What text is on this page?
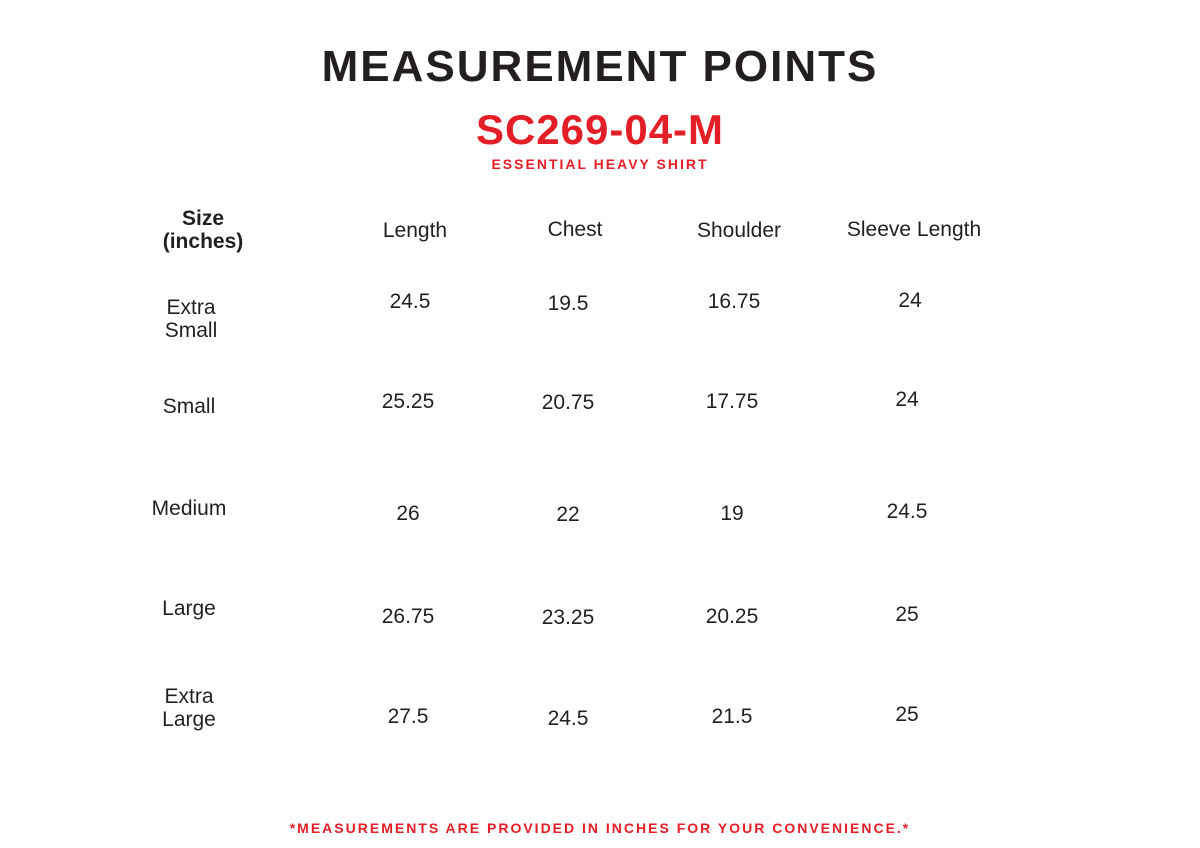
MEASUREMENT POINTS
SC269-04-M
ESSENTIAL HEAVY SHIRT
Size
(inches)	Length	Chest	Shoulder	Sleeve Length
Extra
Small
24.5	19.5	16.75	24
Small	25.25	20.75	17.75	24
Medium	26	22	19	24.5
Large	26.75	23.25	20.25	25
Extra
Large	27.5	24.5	21.5	25
*MEASUREMENTS ARE PROVIDED IN INCHES FOR YOUR CONVENIENCE.*
